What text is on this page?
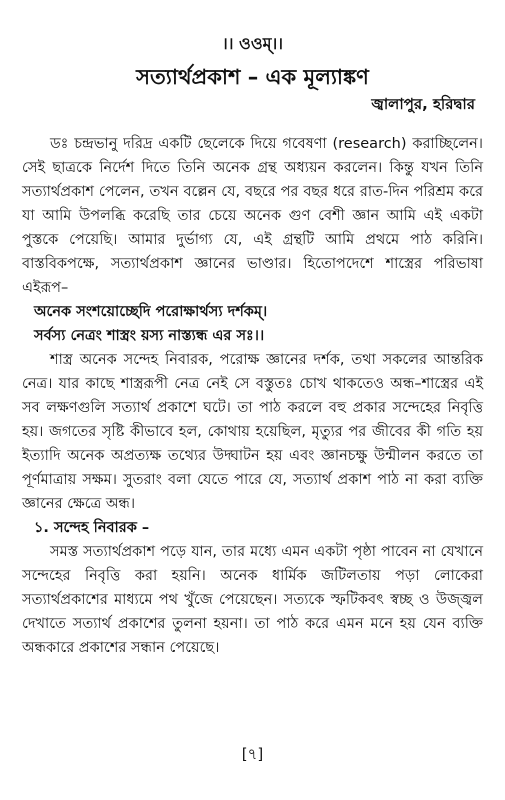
।। ওওম্।।
সত্যার্থপ্রকাশ – এক মূল্যাঙ্কণ
জ্বালাপুর, হরিদ্বার

ডঃ চন্দ্রভানু দরিদ্র একটি ছেলেকে দিয়ে গবেষণা (research) করাচ্ছিলেন। সেই ছাত্রকে নির্দেশ দিতে তিনি অনেক গ্রন্থ অধ্যয়ন করলেন। কিন্তু যখন তিনি সত্যার্থপ্রকাশ পেলেন, তখন বল্লেন যে, বছরে পর বছর ধরে রাত-দিন পরিশ্রম করে যা আমি উপলব্ধি করেছি তার চেয়ে অনেক গুণ বেশী জ্ঞান আমি এই একটা পুস্তকে পেয়েছি। আমার দুর্ভাগ্য যে, এই গ্রন্থটি আমি প্রথমে পাঠ করিনি। বাস্তবিকপক্ষে, সত্যার্থপ্রকাশ জ্ঞানের ভাণ্ডার। হিতোপদেশে শাস্ত্রের পরিভাষা এইরূপ–

অনেক সংশয়োচ্ছেদি পরোক্ষার্থস্য দর্শকম্।

সর্বস্য নেত্রং শাস্ত্রং য়স্য নাস্ত্যন্ধ এর সঃ।।

শাস্ত্র অনেক সন্দেহ নিবারক, পরোক্ষ জ্ঞানের দর্শক, তথা সকলের আন্তরিক নেত্র। যার কাছে শাস্ত্ররূপী নেত্র নেই সে বস্তুতঃ চোখ থাকতেও অন্ধ–শাস্ত্রের এই সব লক্ষণগুলি সত্যার্থ প্রকাশে ঘটে। তা পাঠ করলে বহু প্রকার সন্দেহের নিবৃত্তি হয়। জগতের সৃষ্টি কীভাবে হল, কোথায় হয়েছিল, মৃত্যুর পর জীবের কী গতি হয় ইত্যাদি অনেক অপ্রত্যক্ষ তথ্যের উদ্ঘাটন হয় এবং জ্ঞানচক্ষু উন্মীলন করতে তা পূর্ণমাত্রায় সক্ষম। সুতরাং বলা যেতে পারে যে, সত্যার্থ প্রকাশ পাঠ না করা ব্যক্তি জ্ঞানের ক্ষেত্রে অন্ধ।

১. সন্দেহ নিবারক –

সমস্ত সত্যার্থপ্রকাশ পড়ে যান, তার মধ্যে এমন একটা পৃষ্ঠা পাবেন না যেখানে সন্দেহের নিবৃত্তি করা হয়নি। অনেক ধার্মিক জটিলতায় পড়া লোকেরা সত্যার্থপ্রকাশের মাধ্যমে পথ খুঁজে পেয়েছেন। সত্যকে স্ফটিকবৎ স্বচ্ছ ও উজ্জ্বল দেখাতে সত্যার্থ প্রকাশের তুলনা হয়না। তা পাঠ করে এমন মনে হয় যেন ব্যক্তি অন্ধকারে প্রকাশের সন্ধান পেয়েছে।

[৭]
